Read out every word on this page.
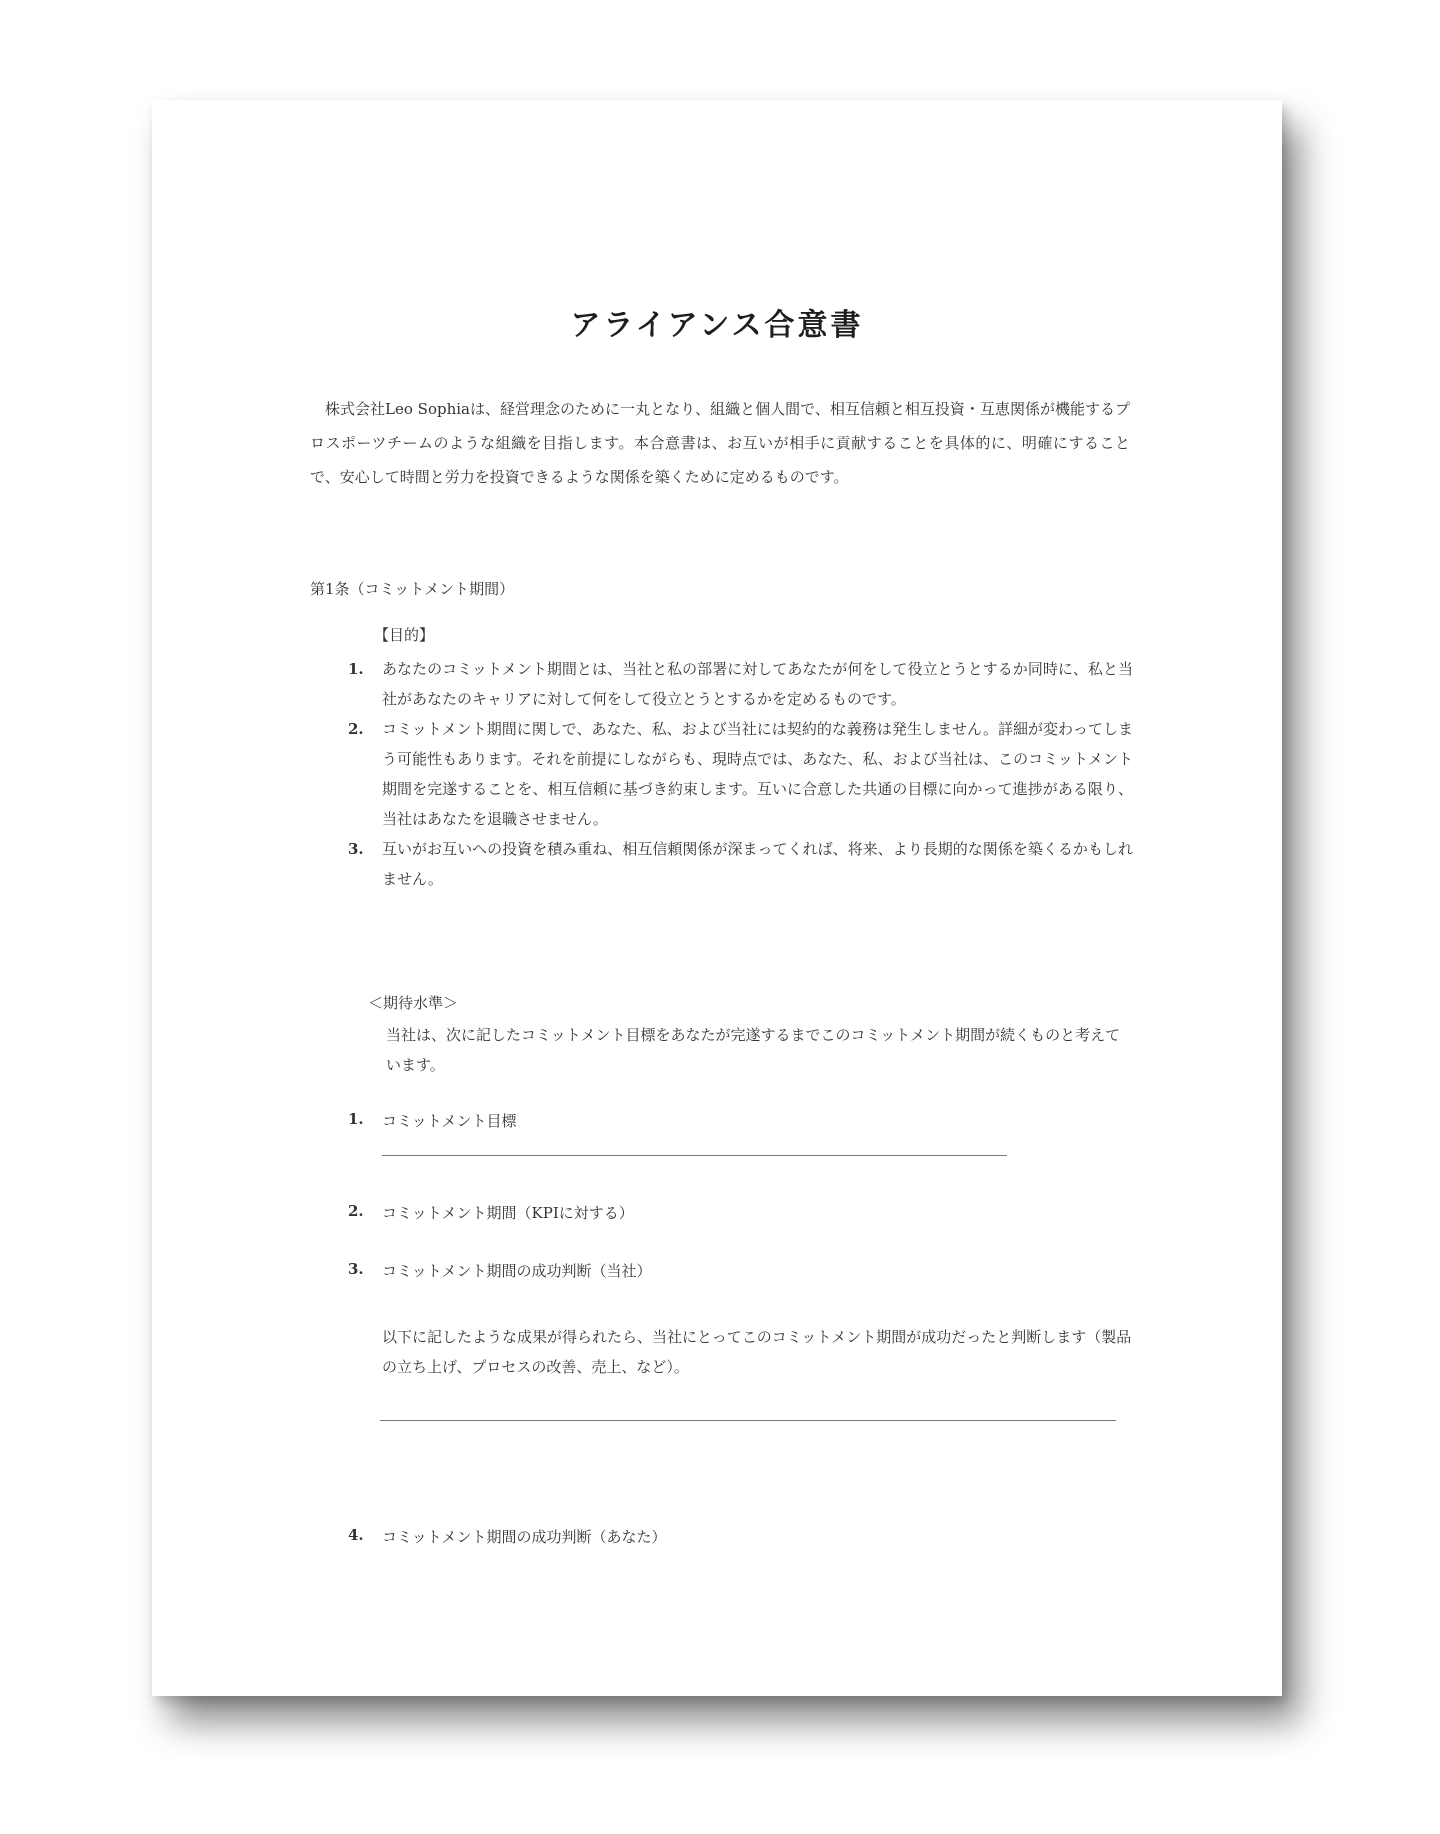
アライアンス合意書
株式会社Leo Sophiaは、経営理念のために一丸となり、組織と個人間で、相互信頼と相互投資・互恵関係が機能するプロスポーツチームのような組織を目指します。本合意書は、お互いが相手に貢献することを具体的に、明確にすることで、安心して時間と労力を投資できるような関係を築くために定めるものです。
第1条（コミットメント期間）
【目的】
1.	あなたのコミットメント期間とは、当社と私の部署に対してあなたが何をして役立とうとするか同時に、私と当社があなたのキャリアに対して何をして役立とうとするかを定めるものです。
2.	コミットメント期間に関しで、あなた、私、および当社には契約的な義務は発生しません。詳細が変わってしまう可能性もあります。それを前提にしながらも、現時点では、あなた、私、および当社は、このコミットメント期間を完遂することを、相互信頼に基づき約束します。互いに合意した共通の目標に向かって進捗がある限り、当社はあなたを退職させません。
3.	互いがお互いへの投資を積み重ね、相互信頼関係が深まってくれば、将来、より長期的な関係を築くるかもしれません。
＜期待水準＞
当社は、次に記したコミットメント目標をあなたが完遂するまでこのコミットメント期間が続くものと考えています。
1.	コミットメント目標
2.	コミットメント期間（KPIに対する）
3.	コミットメント期間の成功判断（当社）
以下に記したような成果が得られたら、当社にとってこのコミットメント期間が成功だったと判断します（製品の立ち上げ、プロセスの改善、売上、など）。
4.	コミットメント期間の成功判断（あなた）
